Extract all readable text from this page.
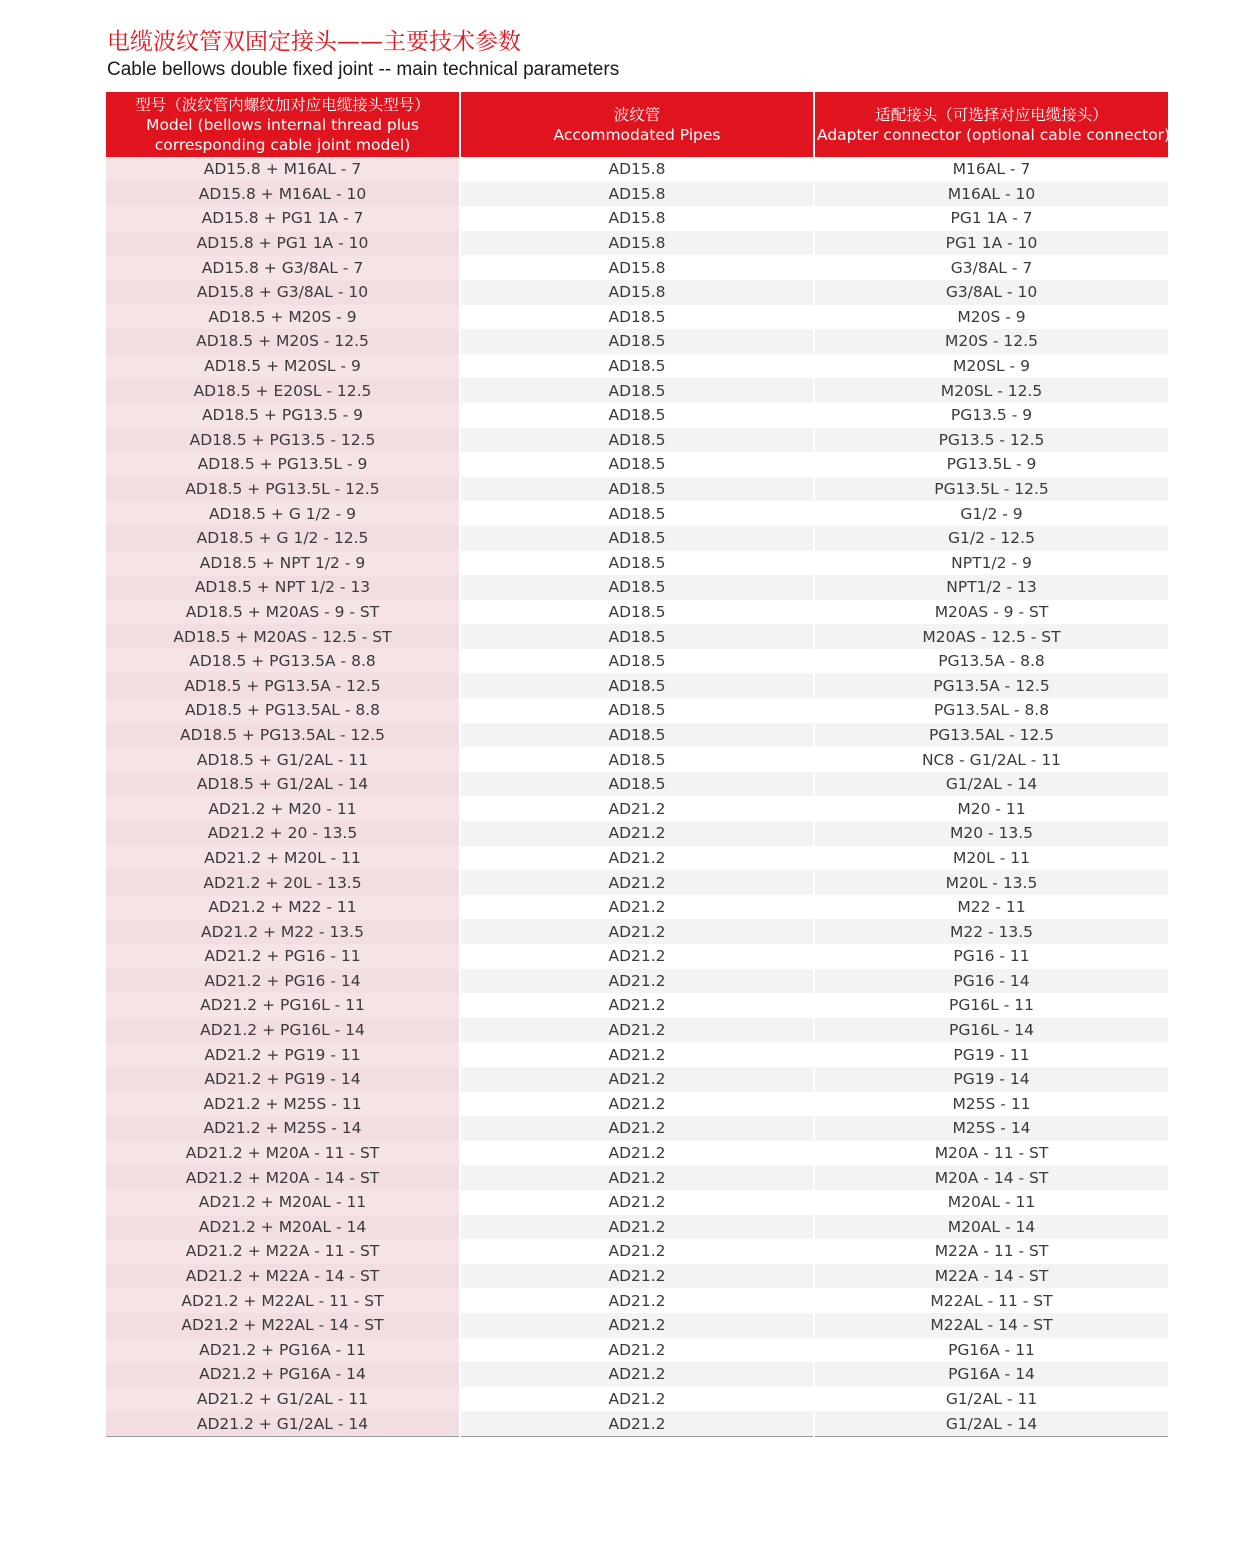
电缆波纹管双固定接头——主要技术参数
Cable bellows double fixed joint -- main technical parameters
型号（波纹管内螺纹加对应电缆接头型号）
Model (bellows internal thread plus
corresponding cable joint model)	波纹管
Accommodated Pipes	适配接头（可选择对应电缆接头）
Adapter connector (optional cable connector)

AD15.8 + M16AL - 7	AD15.8	M16AL - 7
AD15.8 + M16AL - 10	AD15.8	M16AL - 10
AD15.8 + PG1 1A - 7	AD15.8	PG1 1A - 7
AD15.8 + PG1 1A - 10	AD15.8	PG1 1A - 10
AD15.8 + G3/8AL - 7	AD15.8	G3/8AL - 7
AD15.8 + G3/8AL - 10	AD15.8	G3/8AL - 10
AD18.5 + M20S - 9	AD18.5	M20S - 9
AD18.5 + M20S - 12.5	AD18.5	M20S - 12.5
AD18.5 + M20SL - 9	AD18.5	M20SL - 9
AD18.5 + E20SL - 12.5	AD18.5	M20SL - 12.5
AD18.5 + PG13.5 - 9	AD18.5	PG13.5 - 9
AD18.5 + PG13.5 - 12.5	AD18.5	PG13.5 - 12.5
AD18.5 + PG13.5L - 9	AD18.5	PG13.5L - 9
AD18.5 + PG13.5L - 12.5	AD18.5	PG13.5L - 12.5
AD18.5 + G 1/2 - 9	AD18.5	G1/2 - 9
AD18.5 + G 1/2 - 12.5	AD18.5	G1/2 - 12.5
AD18.5 + NPT 1/2 - 9	AD18.5	NPT1/2 - 9
AD18.5 + NPT 1/2 - 13	AD18.5	NPT1/2 - 13
AD18.5 + M20AS - 9 - ST	AD18.5	M20AS - 9 - ST
AD18.5 + M20AS - 12.5 - ST	AD18.5	M20AS - 12.5 - ST
AD18.5 + PG13.5A - 8.8	AD18.5	PG13.5A - 8.8
AD18.5 + PG13.5A - 12.5	AD18.5	PG13.5A - 12.5
AD18.5 + PG13.5AL - 8.8	AD18.5	PG13.5AL - 8.8
AD18.5 + PG13.5AL - 12.5	AD18.5	PG13.5AL - 12.5
AD18.5 + G1/2AL - 11	AD18.5	NC8 - G1/2AL - 11
AD18.5 + G1/2AL - 14	AD18.5	G1/2AL - 14
AD21.2 + M20 - 11	AD21.2	M20 - 11
AD21.2 + 20 - 13.5	AD21.2	M20 - 13.5
AD21.2 + M20L - 11	AD21.2	M20L - 11
AD21.2 + 20L - 13.5	AD21.2	M20L - 13.5
AD21.2 + M22 - 11	AD21.2	M22 - 11
AD21.2 + M22 - 13.5	AD21.2	M22 - 13.5
AD21.2 + PG16 - 11	AD21.2	PG16 - 11
AD21.2 + PG16 - 14	AD21.2	PG16 - 14
AD21.2 + PG16L - 11	AD21.2	PG16L - 11
AD21.2 + PG16L - 14	AD21.2	PG16L - 14
AD21.2 + PG19 - 11	AD21.2	PG19 - 11
AD21.2 + PG19 - 14	AD21.2	PG19 - 14
AD21.2 + M25S - 11	AD21.2	M25S - 11
AD21.2 + M25S - 14	AD21.2	M25S - 14
AD21.2 + M20A - 11 - ST	AD21.2	M20A - 11 - ST
AD21.2 + M20A - 14 - ST	AD21.2	M20A - 14 - ST
AD21.2 + M20AL - 11	AD21.2	M20AL - 11
AD21.2 + M20AL - 14	AD21.2	M20AL - 14
AD21.2 + M22A - 11 - ST	AD21.2	M22A - 11 - ST
AD21.2 + M22A - 14 - ST	AD21.2	M22A - 14 - ST
AD21.2 + M22AL - 11 - ST	AD21.2	M22AL - 11 - ST
AD21.2 + M22AL - 14 - ST	AD21.2	M22AL - 14 - ST
AD21.2 + PG16A - 11	AD21.2	PG16A - 11
AD21.2 + PG16A - 14	AD21.2	PG16A - 14
AD21.2 + G1/2AL - 11	AD21.2	G1/2AL - 11
AD21.2 + G1/2AL - 14	AD21.2	G1/2AL - 14
